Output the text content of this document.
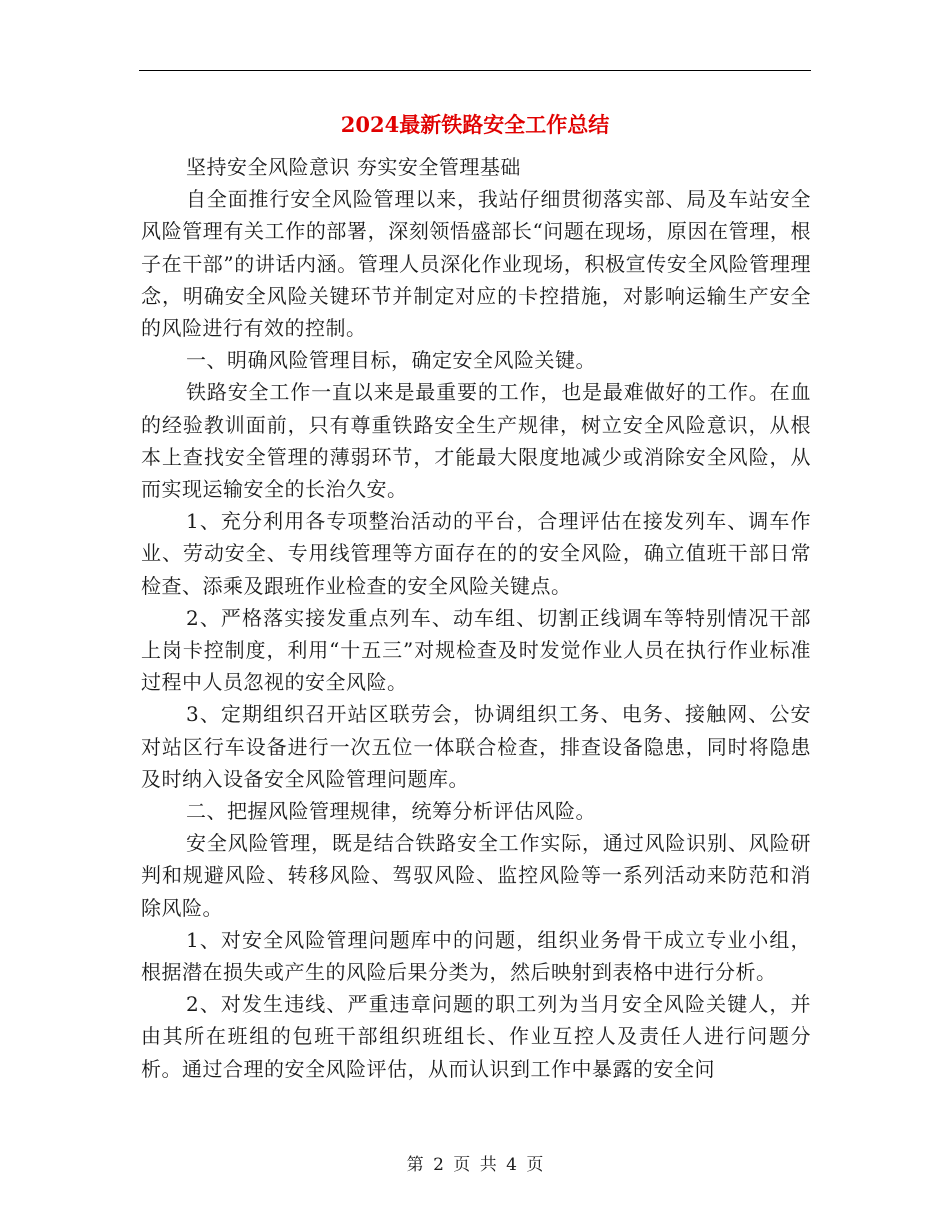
2024最新铁路安全工作总结

坚持安全风险意识 夯实安全管理基础

自全面推行安全风险管理以来，我站仔细贯彻落实部、局及车站安全风险管理有关工作的部署，深刻领悟盛部长“问题在现场，原因在管理，根子在干部”的讲话内涵。管理人员深化作业现场，积极宣传安全风险管理理念，明确安全风险关键环节并制定对应的卡控措施，对影响运输生产安全的风险进行有效的控制。

一、明确风险管理目标，确定安全风险关键。

铁路安全工作一直以来是最重要的工作，也是最难做好的工作。在血的经验教训面前，只有尊重铁路安全生产规律，树立安全风险意识，从根本上查找安全管理的薄弱环节，才能最大限度地减少或消除安全风险，从而实现运输安全的长治久安。

1、充分利用各专项整治活动的平台，合理评估在接发列车、调车作业、劳动安全、专用线管理等方面存在的的安全风险，确立值班干部日常检查、添乘及跟班作业检查的安全风险关键点。

2、严格落实接发重点列车、动车组、切割正线调车等特别情况干部上岗卡控制度，利用“十五三”对规检查及时发觉作业人员在执行作业标准过程中人员忽视的安全风险。

3、定期组织召开站区联劳会，协调组织工务、电务、接触网、公安对站区行车设备进行一次五位一体联合检查，排查设备隐患，同时将隐患及时纳入设备安全风险管理问题库。

二、把握风险管理规律，统筹分析评估风险。

安全风险管理，既是结合铁路安全工作实际，通过风险识别、风险研判和规避风险、转移风险、驾驭风险、监控风险等一系列活动来防范和消除风险。

1、对安全风险管理问题库中的问题，组织业务骨干成立专业小组，根据潜在损失或产生的风险后果分类为，然后映射到表格中进行分析。

2、对发生违线、严重违章问题的职工列为当月安全风险关键人，并由其所在班组的包班干部组织班组长、作业互控人及责任人进行问题分析。通过合理的安全风险评估，从而认识到工作中暴露的安全问

第 2 页 共 4 页
